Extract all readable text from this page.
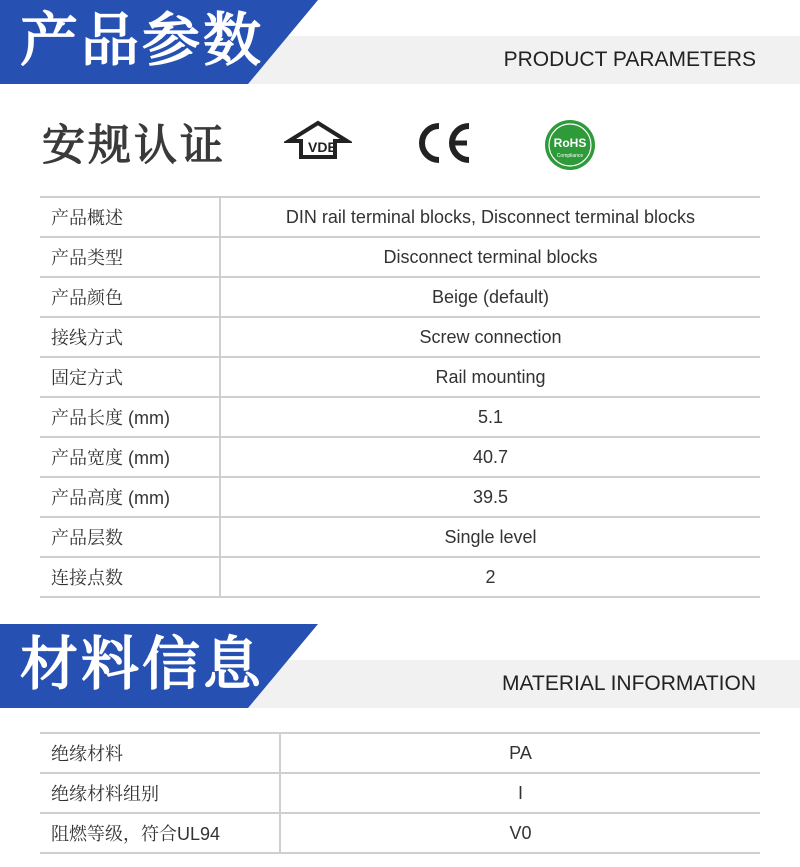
产品参数	PRODUCT PARAMETERS
安规认证	VDE	RoHS
Compliance
产品概述	DIN rail terminal blocks, Disconnect terminal blocks
产品类型	Disconnect terminal blocks
产品颜色	Beige (default)
接线方式	Screw connection
固定方式	Rail mounting
产品长度 (mm)	5.1
产品宽度 (mm)	40.7
产品高度 (mm)	39.5
产品层数	Single level
连接点数	2
材料信息	MATERIAL INFORMATION
绝缘材料	PA
绝缘材料组别	I
阻燃等级，符合UL94	V0
